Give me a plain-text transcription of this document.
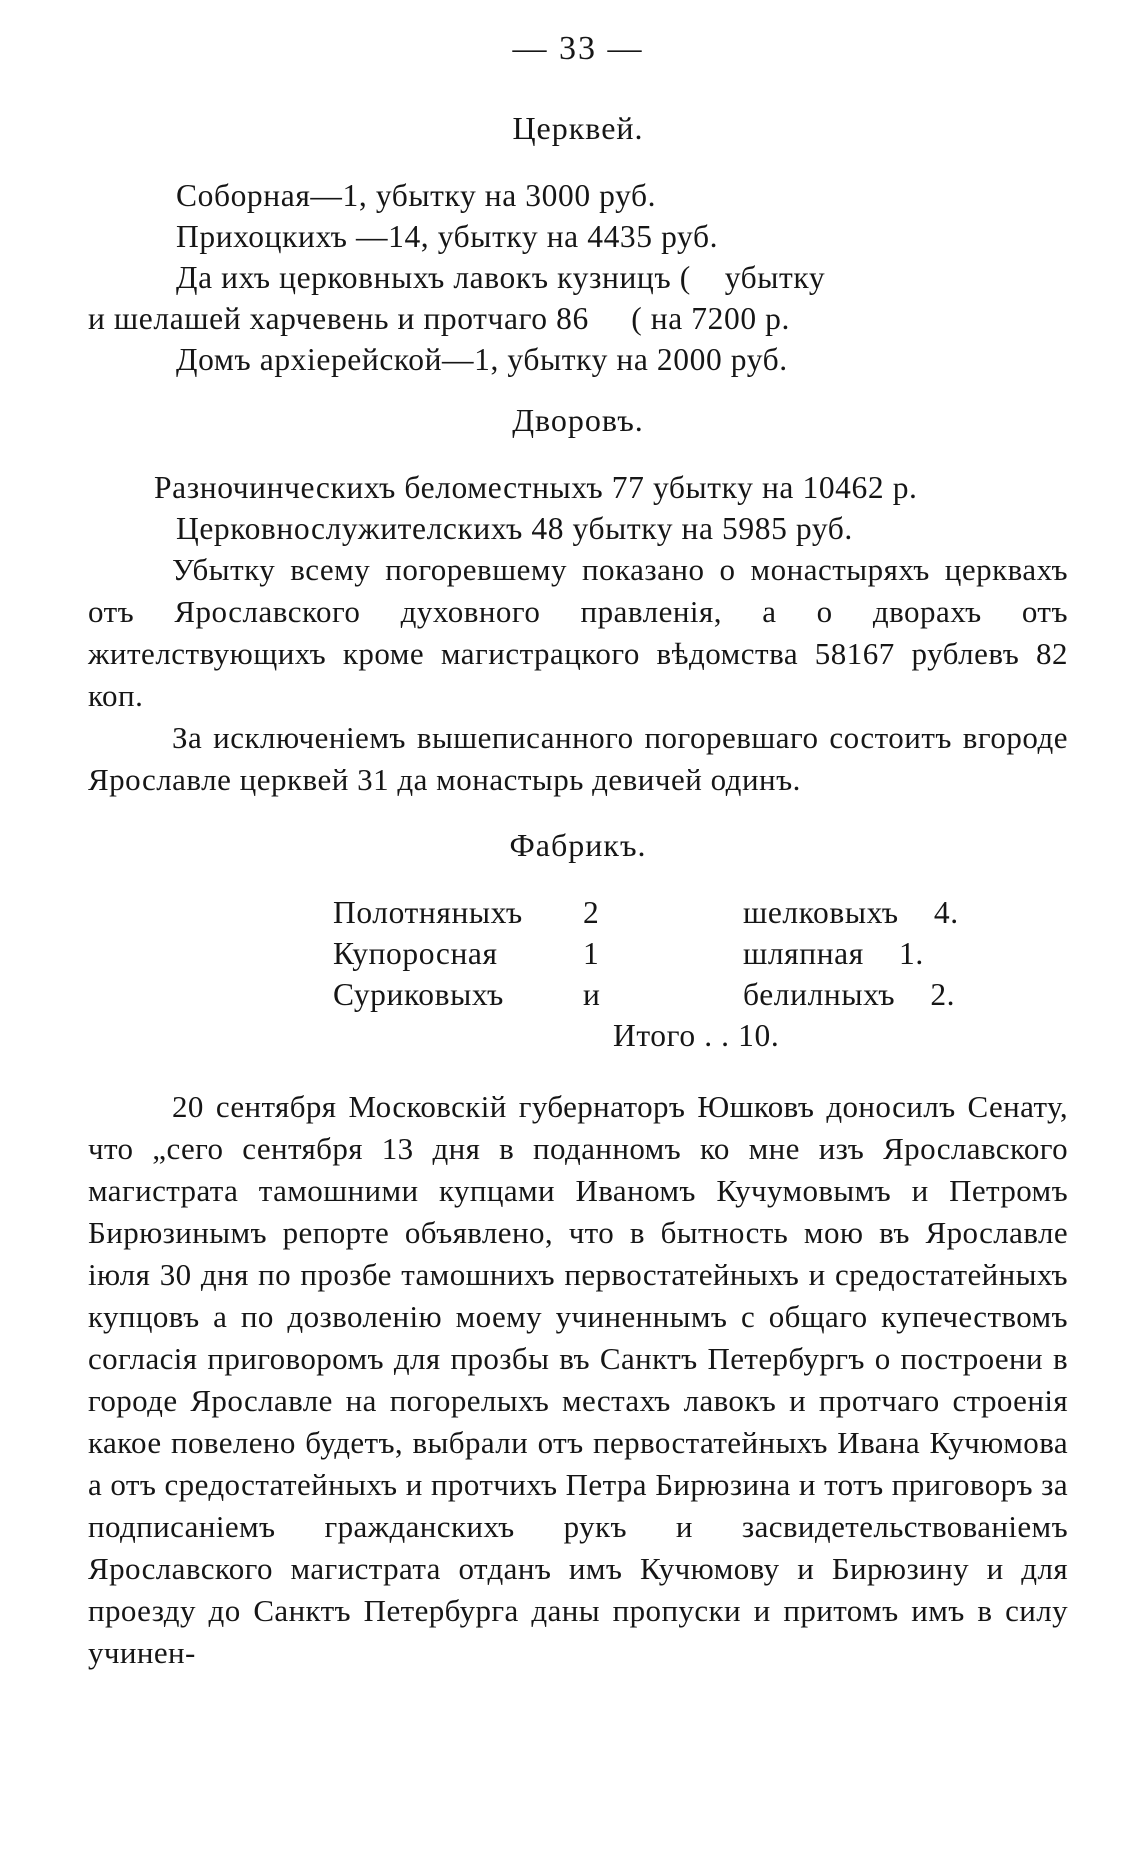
— 33 —
Церквей.
Соборная—1, убытку на 3000 руб.
Прихоцкихъ —14, убытку на 4435 руб.
Да ихъ церковныхъ лавокъ кузницъ (    убытку
и шелашей харчевень и протчаго 86     ( на 7200 р.
Домъ архіерейской—1, убытку на 2000 руб.
Дворовъ.
Разночинческихъ беломестныхъ 77 убытку на 10462 р.
Церковнослужителскихъ 48 убытку на 5985 руб.

Убытку всему погоревшему показано о монастыряхъ церквахъ отъ Ярославского духовного правленія, а о дворахъ отъ жителствующихъ кроме магистрацкого вѣдомства 58167 рублевъ 82 коп.

За исключеніемъ вышеписанного погоревшаго состоитъ вгороде Ярославле церквей 31 да монастырь девичей одинъ.

Фабрикъ.
Полотняныхъ 2	шелковыхъ 4.
Купоросная	1	шляпная 1.
Суриковыхъ	и	белилныхъ 2.
Итого . . 10.

20 сентября Московскій губернаторъ Юшковъ доносилъ Сенату, что „сего сентября 13 дня в поданномъ ко мне изъ Ярославского магистрата тамошними купцами Иваномъ Кучумовымъ и Петромъ Бирюзинымъ репорте объявлено, что в бытность мою въ Ярославле іюля 30 дня по прозбе тамошнихъ первостатейныхъ и средостатейныхъ купцовъ а по дозволенію моему учиненнымъ с общаго купечествомъ согласія приговоромъ для прозбы въ Санктъ Петербургъ о построени в городе Ярославле на погорелыхъ местахъ лавокъ и протчаго строенія какое повелено будетъ, выбрали отъ первостатейныхъ Ивана Кучюмова а отъ средостатейныхъ и протчихъ Петра Бирюзина и тотъ приговоръ за подписаніемъ гражданскихъ рукъ и засвидетельствованіемъ Ярославского магистрата отданъ имъ Кучюмову и Бирюзину и для проезду до Санктъ Петербурга даны пропуски и притомъ имъ в силу учинен-
